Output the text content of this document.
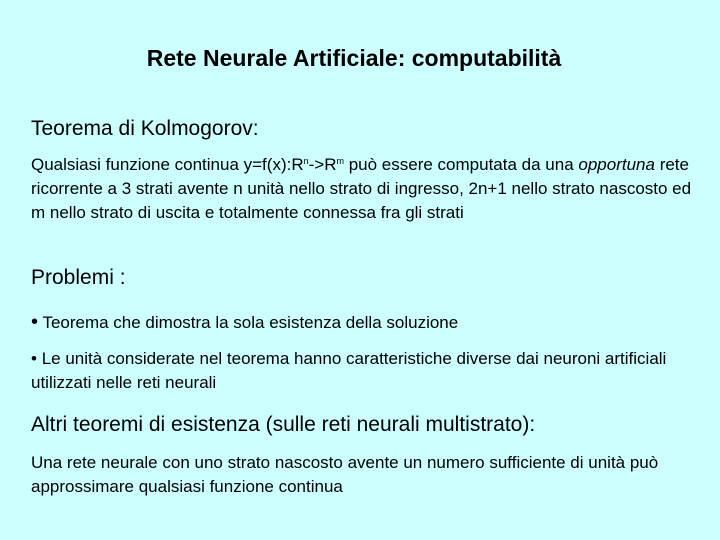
Rete Neurale Artificiale: computabilità
Teorema di Kolmogorov:
Qualsiasi funzione continua $y=f(x):R^n->R^m$ può essere computata da una opportuna rete ricorrente a 3 strati avente n unità nello strato di ingresso, 2n+1 nello strato nascosto ed m nello strato di uscita e totalmente connessa fra gli strati
Problemi :
• Teorema che dimostra la sola esistenza della soluzione
• Le unità considerate nel teorema hanno caratteristiche diverse dai neuroni artificiali utilizzati nelle reti neurali
Altri teoremi di esistenza (sulle reti neurali multistrato):
Una rete neurale con uno strato nascosto avente un numero sufficiente di unità può approssimare qualsiasi funzione continua
